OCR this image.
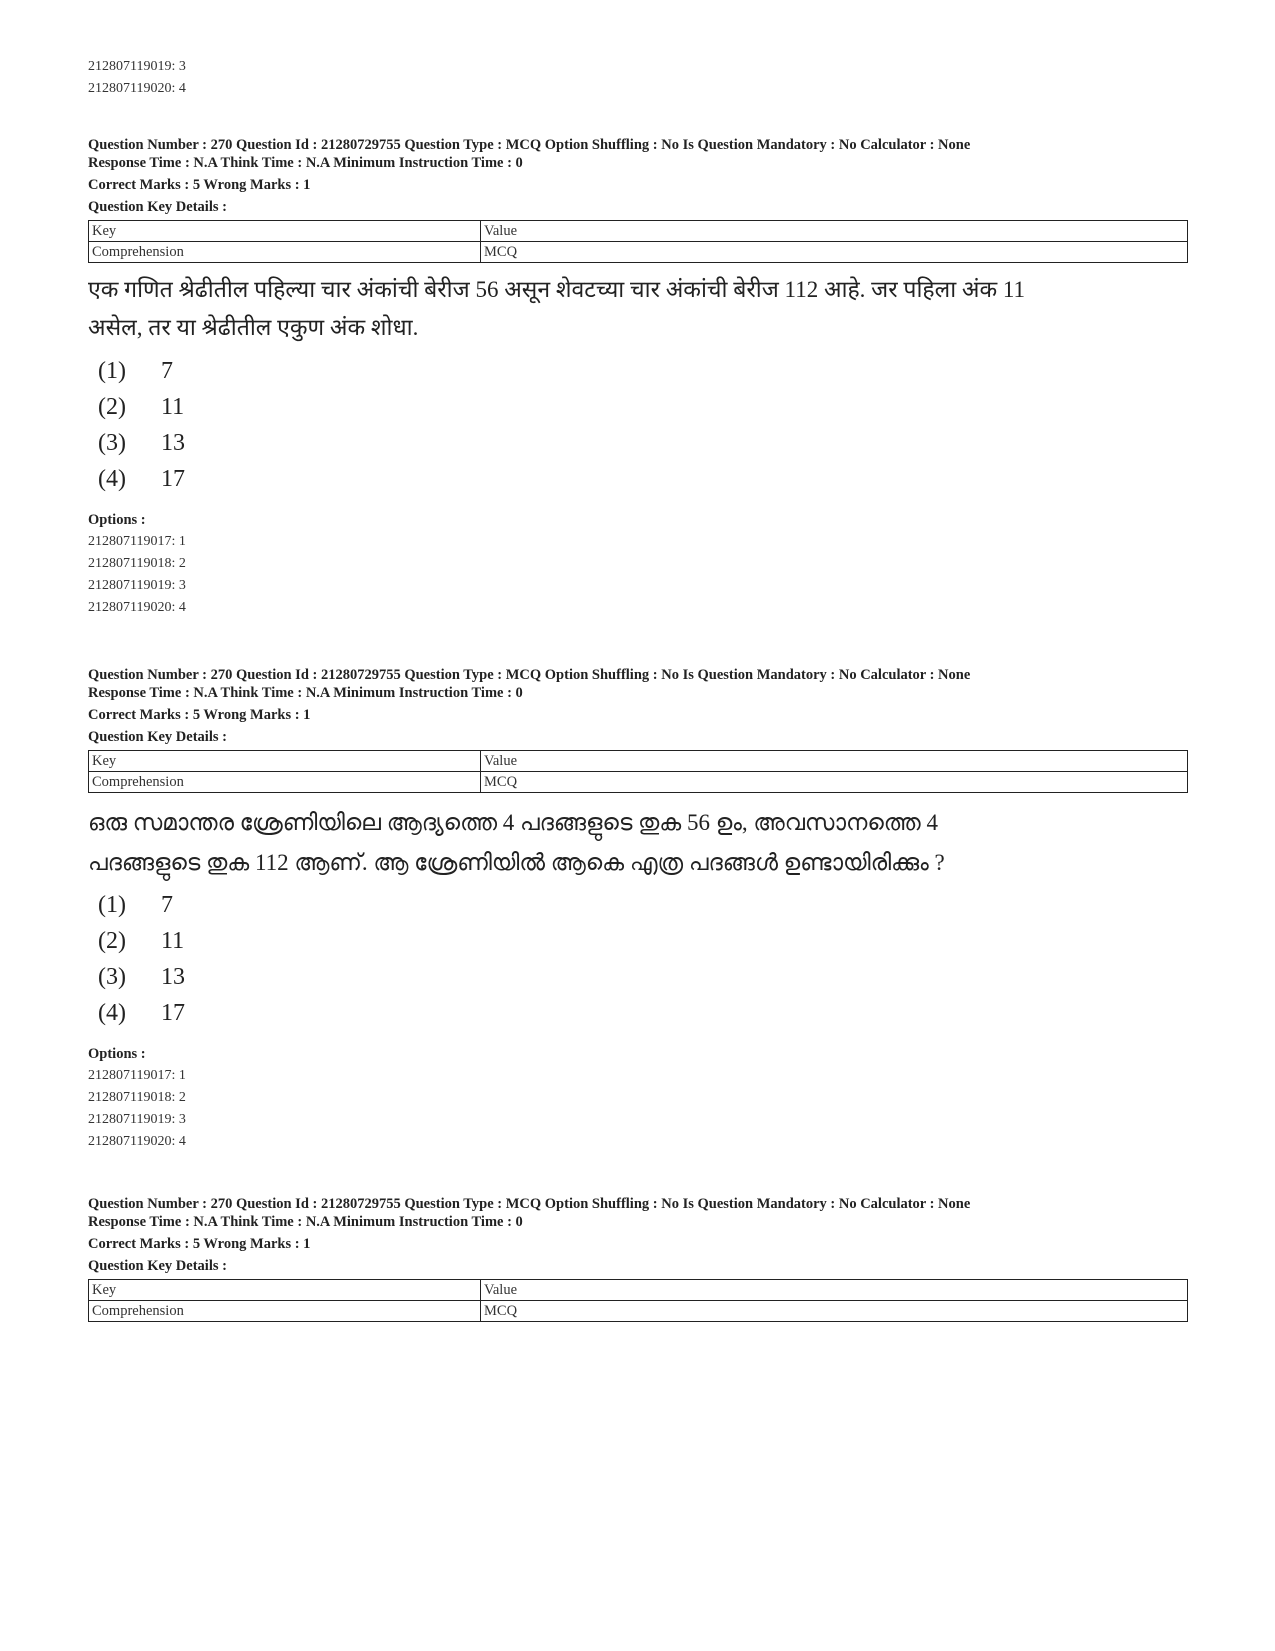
212807119019: 3
212807119020: 4
Question Number : 270 Question Id : 21280729755 Question Type : MCQ Option Shuffling : No Is Question Mandatory : No Calculator : None
Response Time : N.A Think Time : N.A Minimum Instruction Time : 0
Correct Marks : 5 Wrong Marks : 1
Question Key Details :
Key	Value
Comprehension	MCQ
एक गणित श्रेढीतील पहिल्या चार अंकांची बेरीज 56 असून शेवटच्या चार अंकांची बेरीज 112 आहे. जर पहिला अंक 11
असेल, तर या श्रेढीतील एकुण अंक शोधा.
(1)	7
(2)	11
(3)	13
(4)	17
Options :
212807119017: 1
212807119018: 2
212807119019: 3
212807119020: 4
Question Number : 270 Question Id : 21280729755 Question Type : MCQ Option Shuffling : No Is Question Mandatory : No Calculator : None
Response Time : N.A Think Time : N.A Minimum Instruction Time : 0
Correct Marks : 5 Wrong Marks : 1
Question Key Details :
Key	Value
Comprehension	MCQ
ഒരു സമാന്തര ശ്രേണിയിലെ ആദ്യത്തെ 4 പദങ്ങളുടെ തുക 56 ഉം, അവസാനത്തെ 4
പദങ്ങളുടെ തുക 112 ആണ്. ആ ശ്രേണിയിൽ ആകെ എത്ര പദങ്ങൾ ഉണ്ടായിരിക്കും ?
(1)	7
(2)	11
(3)	13
(4)	17
Options :
212807119017: 1
212807119018: 2
212807119019: 3
212807119020: 4
Question Number : 270 Question Id : 21280729755 Question Type : MCQ Option Shuffling : No Is Question Mandatory : No Calculator : None
Response Time : N.A Think Time : N.A Minimum Instruction Time : 0
Correct Marks : 5 Wrong Marks : 1
Question Key Details :
Key	Value
Comprehension	MCQ
